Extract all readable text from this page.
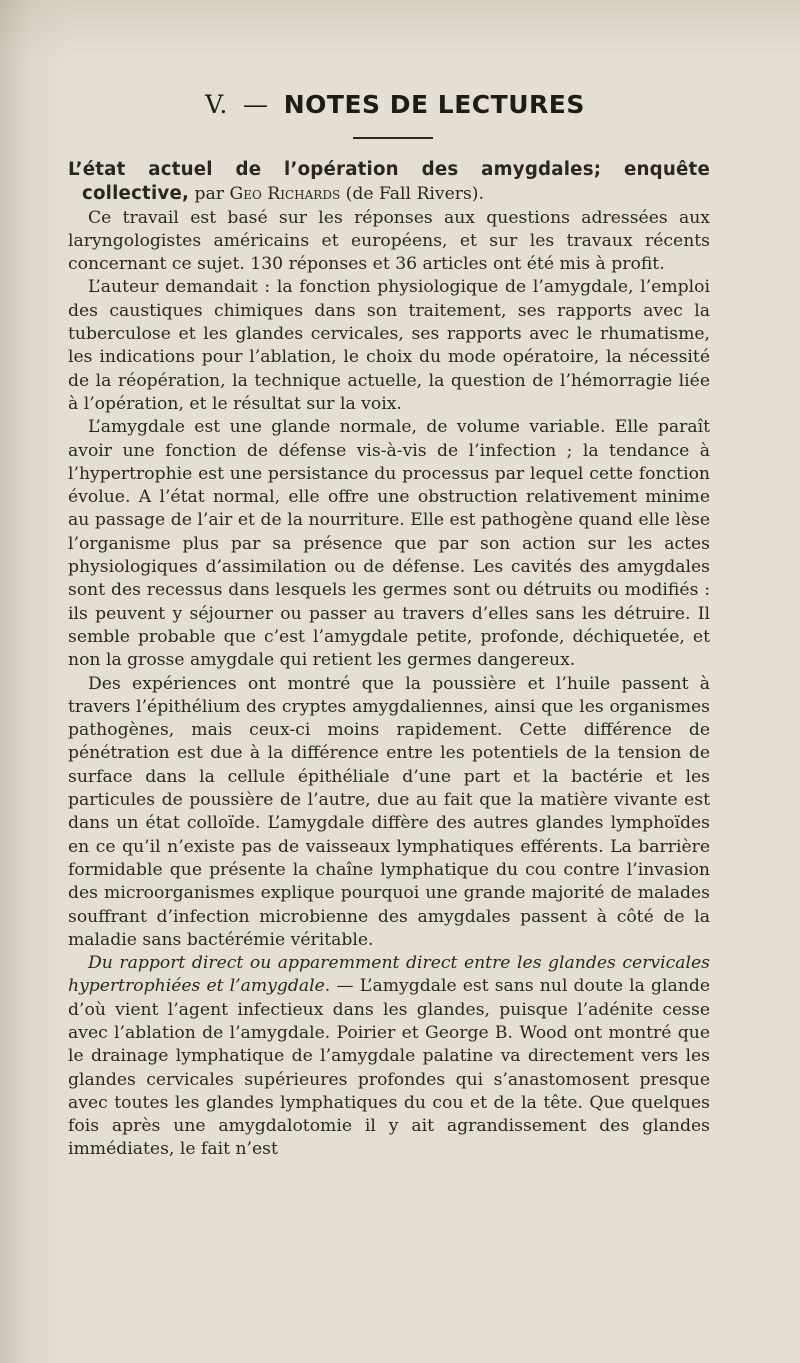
V. — NOTES DE LECTURES

L’état actuel de l’opération des amygdales; enquête collective, par Geo Richards (de Fall Rivers).

Ce travail est basé sur les réponses aux questions adressées aux laryngologistes américains et européens, et sur les travaux récents concernant ce sujet. 130 réponses et 36 articles ont été mis à profit.

L’auteur demandait : la fonction physiologique de l’amygdale, l’emploi des caustiques chimiques dans son traitement, ses rapports avec la tuberculose et les glandes cervicales, ses rapports avec le rhumatisme, les indications pour l’ablation, le choix du mode opératoire, la nécessité de la réopération, la technique actuelle, la question de l’hémorragie liée à l’opération, et le résultat sur la voix.

L’amygdale est une glande normale, de volume variable. Elle paraît avoir une fonction de défense vis-à-vis de l’infection ; la tendance à l’hypertrophie est une persistance du processus par lequel cette fonction évolue. A l’état normal, elle offre une obstruction relativement minime au passage de l’air et de la nourriture. Elle est pathogène quand elle lèse l’organisme plus par sa présence que par son action sur les actes physiologiques d’assimilation ou de défense. Les cavités des amygdales sont des recessus dans lesquels les germes sont ou détruits ou modifiés : ils peuvent y séjourner ou passer au travers d’elles sans les détruire. Il semble probable que c’est l’amygdale petite, profonde, déchiquetée, et non la grosse amygdale qui retient les germes dangereux.

Des expériences ont montré que la poussière et l’huile passent à travers l’épithélium des cryptes amygdaliennes, ainsi que les organismes pathogènes, mais ceux-ci moins rapidement. Cette différence de pénétration est due à la différence entre les potentiels de la tension de surface dans la cellule épithéliale d’une part et la bactérie et les particules de poussière de l’autre, due au fait que la matière vivante est dans un état colloïde. L’amygdale diffère des autres glandes lymphoïdes en ce qu’il n’existe pas de vaisseaux lymphatiques efférents. La barrière formidable que présente la chaîne lymphatique du cou contre l’invasion des microorganismes explique pourquoi une grande majorité de malades souffrant d’infection microbienne des amygdales passent à côté de la maladie sans bactérémie véritable.

Du rapport direct ou apparemment direct entre les glandes cervicales hypertrophiées et l’amygdale. — L’amygdale est sans nul doute la glande d’où vient l’agent infectieux dans les glandes, puisque l’adénite cesse avec l’ablation de l’amygdale. Poirier et George B. Wood ont montré que le drainage lymphatique de l’amygdale palatine va directement vers les glandes cervicales supérieures profondes qui s’anastomosent presque avec toutes les glandes lymphatiques du cou et de la tête. Que quelques fois après une amygdalotomie il y ait agrandissement des glandes immédiates, le fait n’est
